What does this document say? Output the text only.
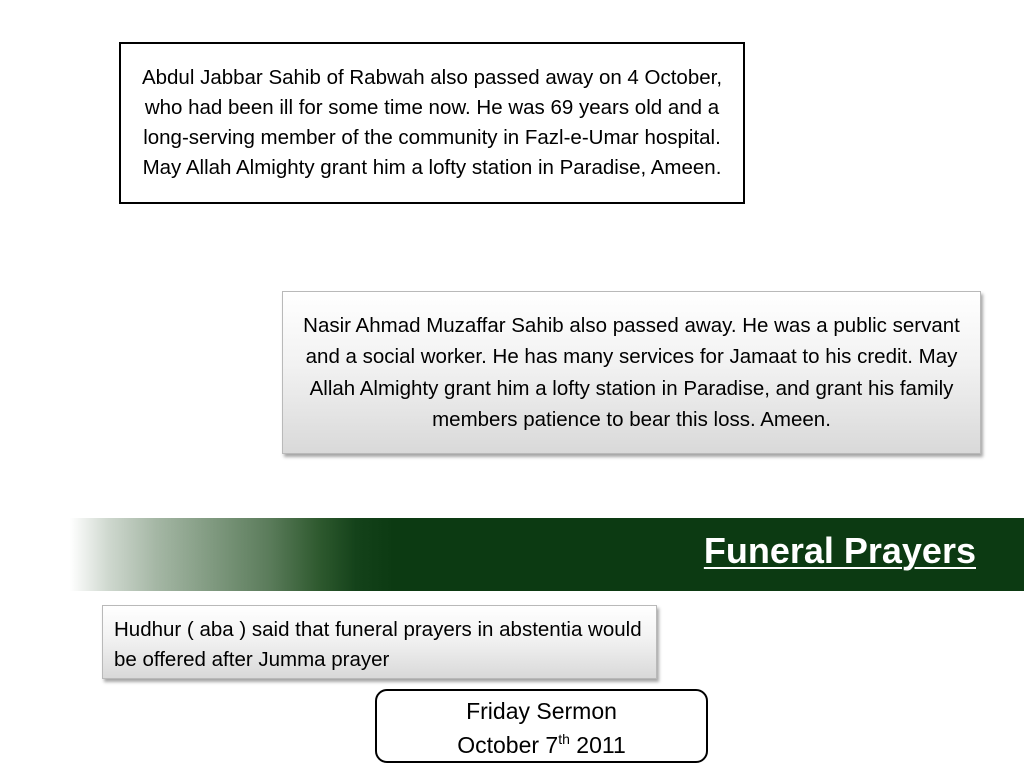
Abdul Jabbar Sahib of Rabwah also passed away on 4 October, who had been ill for some time now. He was 69 years old and a long-serving member of the community in Fazl-e-Umar hospital. May Allah Almighty grant him a lofty station in Paradise, Ameen.
Nasir Ahmad Muzaffar Sahib also passed away. He was a public servant and a social worker. He has many services for Jamaat to his credit. May Allah Almighty grant him a lofty station in Paradise, and grant his family members patience to bear this loss. Ameen.
Funeral Prayers
Hudhur ( aba ) said that funeral prayers in abstentia would be offered after Jumma prayer
Friday Sermon
October 7th 2011
